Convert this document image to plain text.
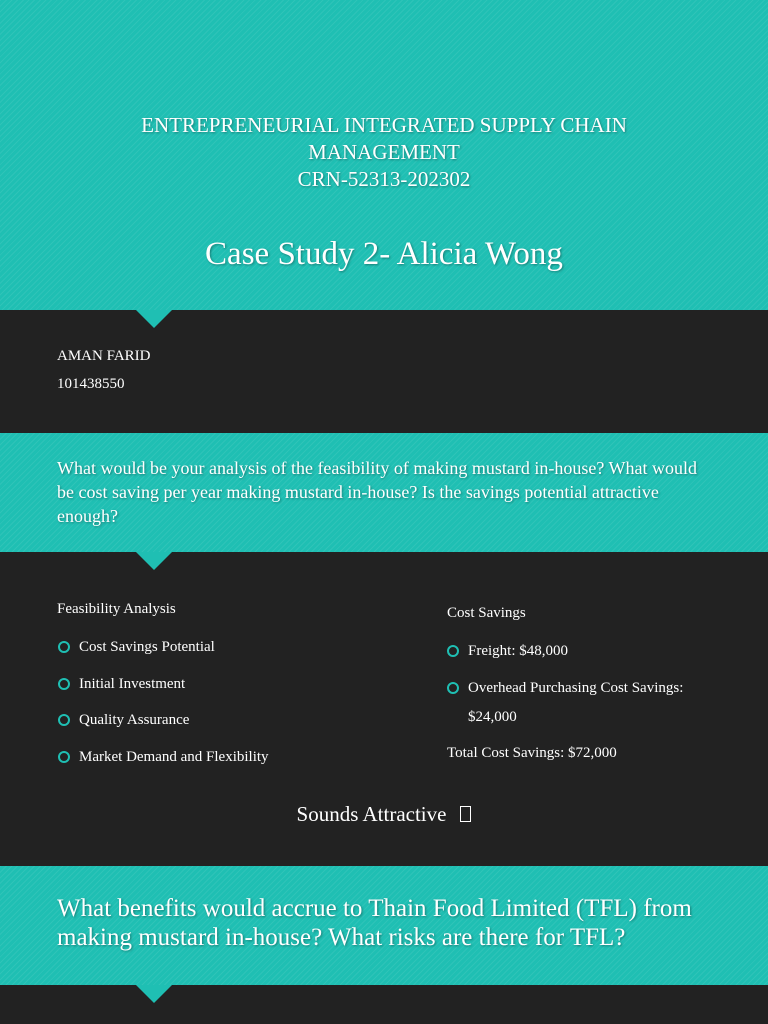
ENTREPRENEURIAL INTEGRATED SUPPLY CHAIN
MANAGEMENT
CRN-52313-202302
Case Study 2- Alicia Wong
AMAN FARID
101438550
What would be your analysis of the feasibility of making mustard in-house? What would be cost saving per year making mustard in-house? Is the savings potential attractive enough?
Feasibility Analysis
Cost Savings Potential
Initial Investment
Quality Assurance
Market Demand and Flexibility
Cost Savings
Freight: $48,000
Overhead Purchasing Cost Savings:
$24,000
Total Cost Savings: $72,000
Sounds Attractive
What benefits would accrue to Thain Food Limited (TFL) from making mustard in-house? What risks are there for TFL?
